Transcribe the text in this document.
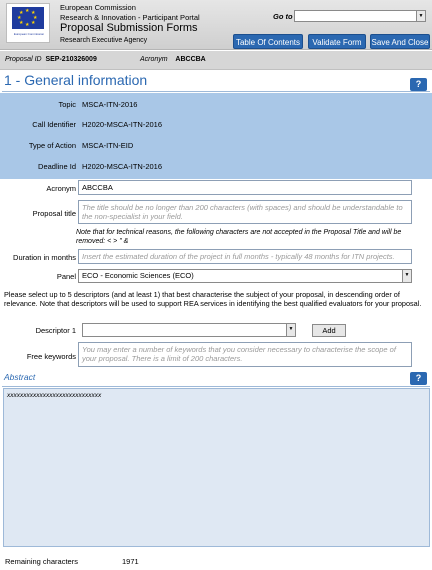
★ ★
★
★
★
★
★
★
European Commission
European Commission
Research & Innovation - Participant Portal
Proposal Submission Forms
Research Executive Agency
Go to	▼
Table Of Contents	Validate Form	Save And Close
Proposal ID SEP-210326009	Acronym ABCCBA
1 - General information	?
Topic MSCA-ITN-2016
Call Identifier H2020-MSCA-ITN-2016
Type of Action MSCA-ITN-EID
Deadline Id H2020-MSCA-ITN-2016
Acronym ABCCBA
Proposal title
The title should be no longer than 200 characters (with spaces) and should be understandable to the non-specialist in your field.
Note that for technical reasons, the following characters are not accepted in the Proposal Title and will be removed: < > " &
Duration in months Insert the estimated duration of the project in full months - typically 48 months for ITN projects.
Panel ECO - Economic Sciences (ECO)	▼
Please select up to 5 descriptors (and at least 1) that best characterise the subject of your proposal, in descending order of relevance. Note that descriptors will be used to support REA services in identifying the best qualified evaluators for your proposal.
Descriptor 1	▼	Add
Free keywords
You may enter a number of keywords that you consider necessary to characterise the scope of your proposal. There is a limit of 200 characters.
Abstract	?
xxxxxxxxxxxxxxxxxxxxxxxxxxxxx
Remaining characters	1971
